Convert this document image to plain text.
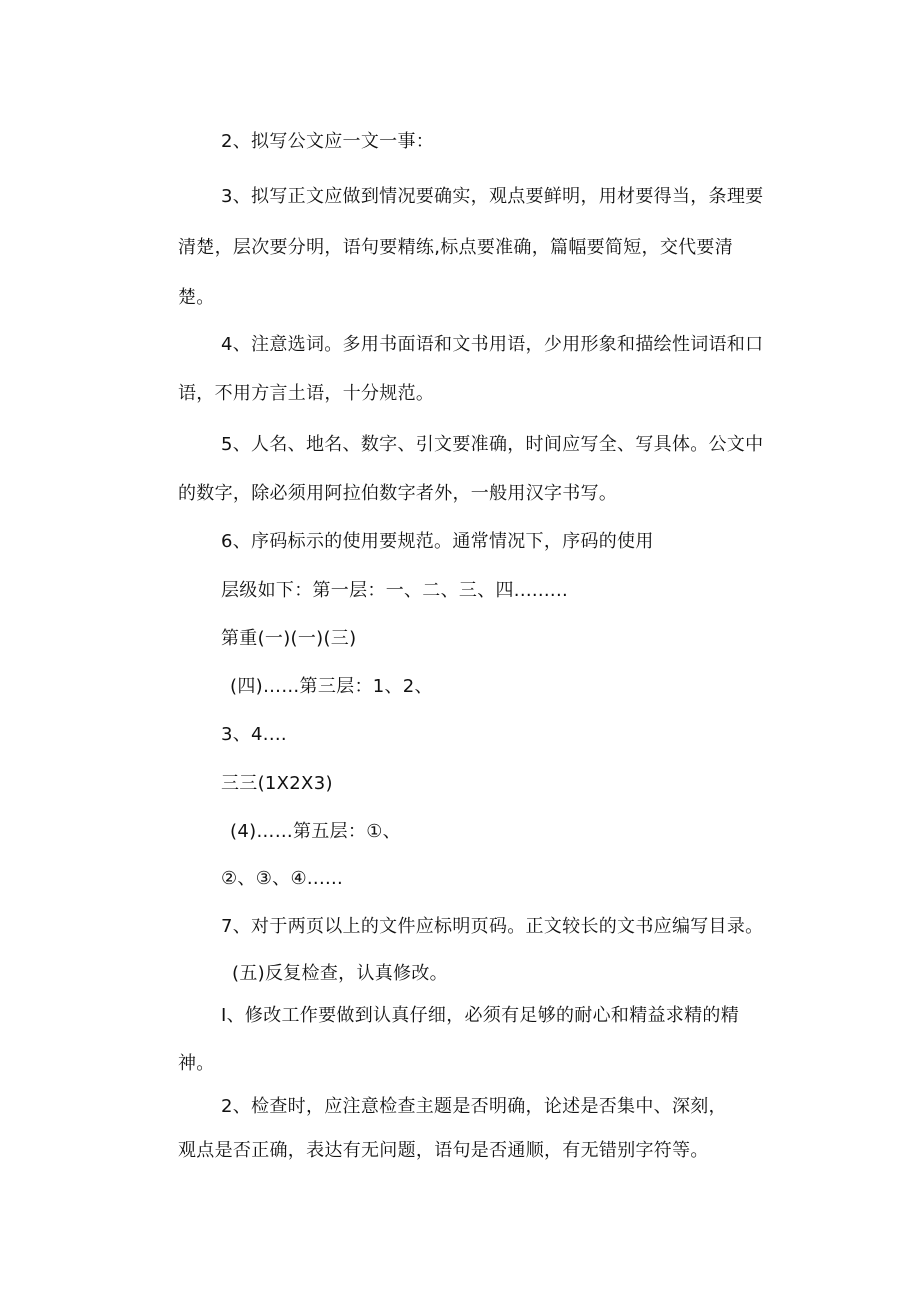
2、拟写公文应一文一事：
3、拟写正文应做到情况要确实，观点要鲜明，用材要得当，条理要
清楚，层次要分明，语句要精练,标点要准确，篇幅要简短，交代要清
楚。
4、注意选词。多用书面语和文书用语，少用形象和描绘性词语和口
语，不用方言土语，十分规范。
5、人名、地名、数字、引文要准确，时间应写全、写具体。公文中
的数字，除必须用阿拉伯数字者外，一般用汉字书写。
6、序码标示的使用要规范。通常情况下，序码的使用
层级如下：第一层：一、二、三、四.........
第重(一)(一)(三)
(四)……第三层：1、2、
3、4....
三三(1X2X3)
(4)……第五层：①、
②、③、④......
7、对于两页以上的文件应标明页码。正文较长的文书应编写目录。
(五)反复检查，认真修改。
I、修改工作要做到认真仔细，必须有足够的耐心和精益求精的精
神。
2、检查时，应注意检查主题是否明确，论述是否集中、深刻，
观点是否正确，表达有无问题，语句是否通顺，有无错别字符等。
